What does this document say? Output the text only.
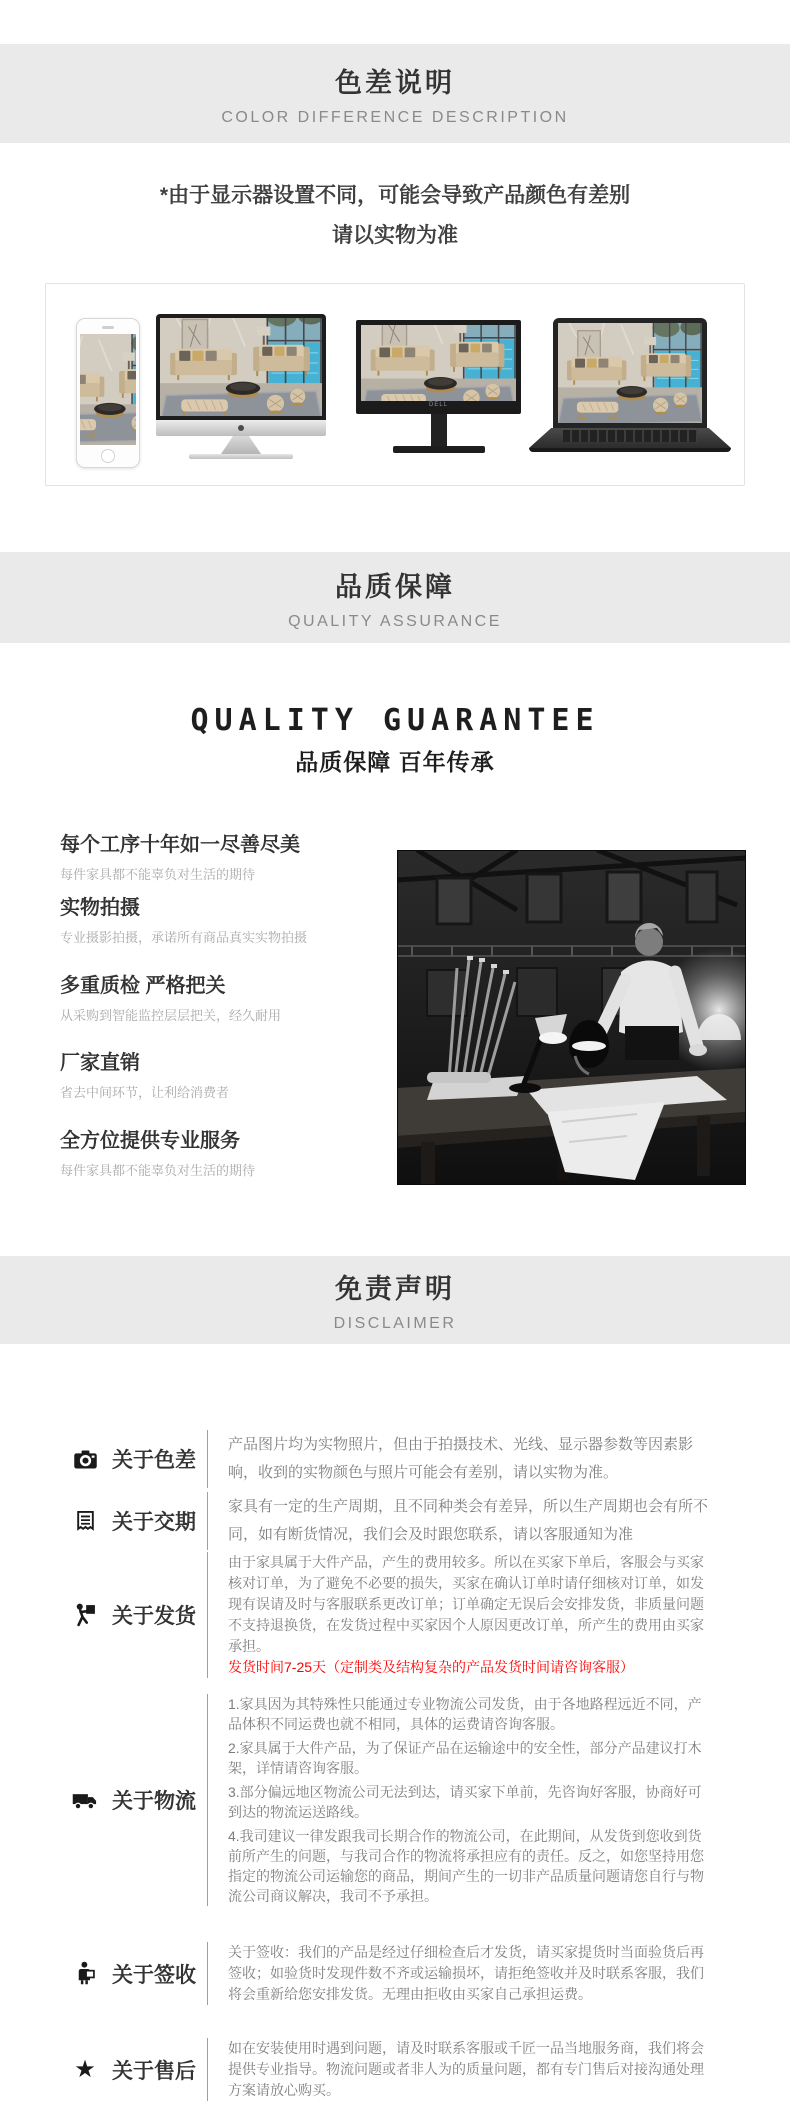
色差说明
COLOR DIFFERENCE DESCRIPTION
*由于显示器设置不同，可能会导致产品颜色有差别
请以实物为准
DELL
品质保障
QUALITY ASSURANCE
QUALITY GUARANTEE
品质保障 百年传承
每个工序十年如一尽善尽美
每件家具都不能辜负对生活的期待
实物拍摄
专业摄影拍摄，承诺所有商品真实实物拍摄
多重质检 严格把关
从采购到智能监控层层把关，经久耐用
厂家直销
省去中间环节，让利给消费者
全方位提供专业服务
每件家具都不能辜负对生活的期待
免责声明
DISCLAIMER
关于色差

产品图片均为实物照片，但由于拍摄技术、光线、显示器参数等因素影响，收到的实物颜色与照片可能会有差别，请以实物为准。

关于交期

家具有一定的生产周期，且不同种类会有差异，所以生产周期也会有所不同，如有断货情况，我们会及时跟您联系，请以客服通知为准

关于发货

由于家具属于大件产品，产生的费用较多。所以在买家下单后，客服会与买家核对订单，为了避免不必要的损失，买家在确认订单时请仔细核对订单，如发现有误请及时与客服联系更改订单；订单确定无误后会安排发货，非质量问题不支持退换货，在发货过程中买家因个人原因更改订单，所产生的费用由买家承担。

发货时间7-25天（定制类及结构复杂的产品发货时间请咨询客服）

关于物流

1.家具因为其特殊性只能通过专业物流公司发货，由于各地路程远近不同，产品体积不同运费也就不相同，具体的运费请咨询客服。

2.家具属于大件产品，为了保证产品在运输途中的安全性，部分产品建议打木架，详情请咨询客服。

3.部分偏远地区物流公司无法到达，请买家下单前，先咨询好客服，协商好可到达的物流运送路线。

4.我司建议一律发跟我司长期合作的物流公司，在此期间，从发货到您收到货前所产生的问题，与我司合作的物流将承担应有的责任。反之，如您坚持用您指定的物流公司运输您的商品，期间产生的一切非产品质量问题请您自行与物流公司商议解决，我司不予承担。

关于签收

关于签收：我们的产品是经过仔细检查后才发货，请买家提货时当面验货后再签收；如验货时发现件数不齐或运输损坏，请拒绝签收并及时联系客服，我们将会重新给您安排发货。无理由拒收由买家自己承担运费。

★ 关于售后

如在安装使用时遇到问题，请及时联系客服或千匠一品当地服务商，我们将会提供专业指导。物流问题或者非人为的质量问题，都有专门售后对接沟通处理方案请放心购买。
